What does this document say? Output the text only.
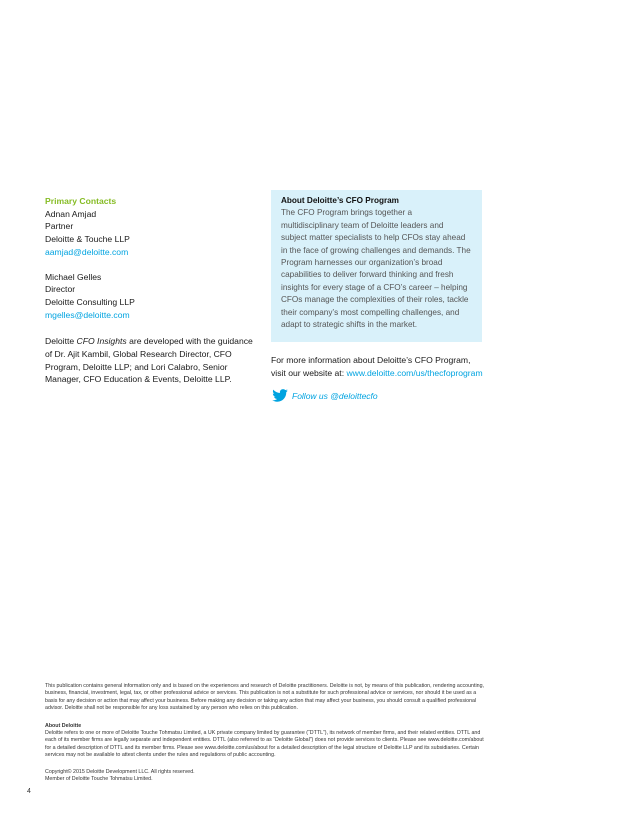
Primary Contacts
Adnan Amjad
Partner
Deloitte & Touche LLP
aamjad@deloitte.com
Michael Gelles
Director
Deloitte Consulting LLP
mgelles@deloitte.com
Deloitte CFO Insights are developed with the guidance of Dr. Ajit Kambil, Global Research Director, CFO Program, Deloitte LLP; and Lori Calabro, Senior Manager, CFO Education & Events, Deloitte LLP.
About Deloitte’s CFO Program
The CFO Program brings together a multidisciplinary team of Deloitte leaders and subject matter specialists to help CFOs stay ahead in the face of growing challenges and demands. The Program harnesses our organization’s broad capabilities to deliver forward thinking and fresh insights for every stage of a CFO’s career – helping CFOs manage the complexities of their roles, tackle their company’s most compelling challenges, and adapt to strategic shifts in the market.
For more information about Deloitte’s CFO Program, visit our website at: www.deloitte.com/us/thecfoprogram
Follow us @deloittecfo
This publication contains general information only and is based on the experiences and research of Deloitte practitioners. Deloitte is not, by means of this publication, rendering accounting, business, financial, investment, legal, tax, or other professional advice or services. This publication is not a substitute for such professional advice or services, nor should it be used as a basis for any decision or action that may affect your business. Before making any decision or taking any action that may affect your business, you should consult a qualified professional advisor. Deloitte shall not be responsible for any loss sustained by any person who relies on this publication.
About Deloitte
Deloitte refers to one or more of Deloitte Touche Tohmatsu Limited, a UK private company limited by guarantee (“DTTL”), its network of member firms, and their related entities. DTTL and each of its member firms are legally separate and independent entities. DTTL (also referred to as “Deloitte Global”) does not provide services to clients. Please see www.deloitte.com/about for a detailed description of DTTL and its member firms. Please see www.deloitte.com/us/about for a detailed description of the legal structure of Deloitte LLP and its subsidiaries. Certain services may not be available to attest clients under the rules and regulations of public accounting.
Copyright© 2015 Deloitte Development LLC. All rights reserved.
Member of Deloitte Touche Tohmatsu Limited.
4
